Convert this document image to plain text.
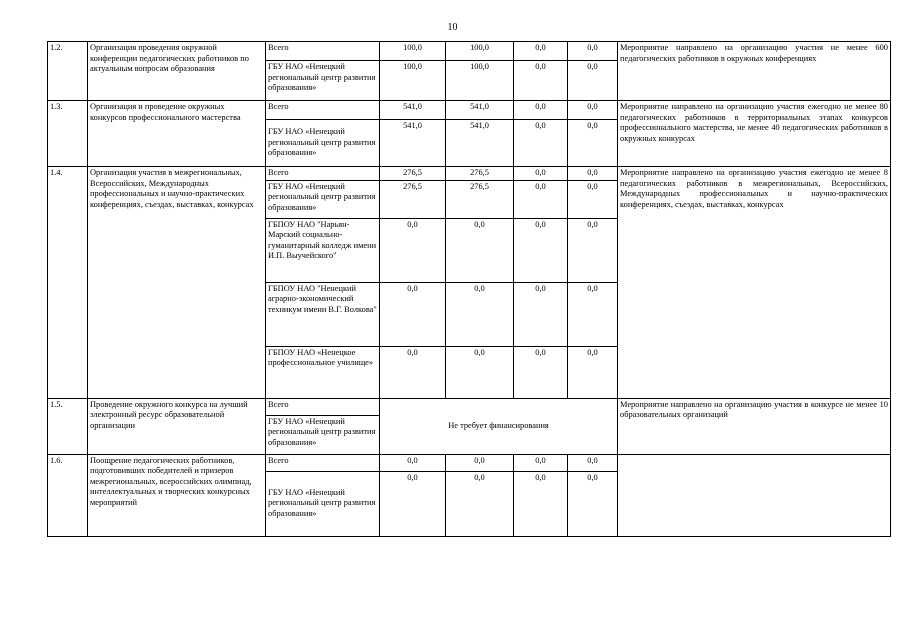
10
1.2.	Организация проведения окружной конференции педагогических работников по актуальным вопросам образования	Всего	100,0	100,0	0,0	0,0	Мероприятие направлено на организацию участия не менее 600 педагогических работников в окружных конференциях
		ГБУ НАО «Ненецкий региональный центр развития образования»	100,0	100,0	0,0	0,0	
1.3.	Организация и проведение окружных конкурсов профессионального мастерства	Всего	541,0	541,0	0,0	0,0	Мероприятие направлено на организацию участия ежегодно не менее 80 педагогических работников в территориальных этапах конкурсов профессионального мастерства, не менее 40 педагогических работников в окружных конкурсах
		ГБУ НАО «Ненецкий региональный центр развития образования»	541,0	541,0	0,0	0,0	
1.4.	Организация участия в межрегиональных, Всероссийских, Международных профессиональных и научно-практических конференциях, съездах, выставках, конкурсах	Всего	276,5	276,5	0,0	0,0	Мероприятие направлено на организацию участия ежегодно не менее 8 педагогических работников в межрегиональных, Всероссийских, Международных профессиональных и научно-практических конференциях, съездах, выставках, конкурсах
		ГБУ НАО «Ненецкий региональный центр развития образования»	276,5	276,5	0,0	0,0	
		ГБПОУ НАО "Нарьян-Марский социально-гуманитарный колледж имени И.П. Выучейского"	0,0	0,0	0,0	0,0	
		ГБПОУ НАО "Ненецкий аграрно-экономический техникум имени В.Г. Волкова"	0,0	0,0	0,0	0,0	
		ГБПОУ НАО «Ненецкое профессиональное училище»	0,0	0,0	0,0	0,0	
1.5.	Проведение окружного конкурса на лучший электронный ресурс образовательной организации	Всего	Не требует финансирования				Мероприятие направлено на организацию участия в конкурсе не менее 10 образовательных организаций
		ГБУ НАО «Ненецкий региональный центр развития образования»					
1.6.	Поощрение педагогических работников, подготовивших победителей и призеров межрегиональных, всероссийских олимпиад, интеллектуальных и творческих конкурсных мероприятий	Всего	0,0	0,0	0,0	0,0	
		ГБУ НАО «Ненецкий региональный центр развития образования»	0,0	0,0	0,0	0,0	
